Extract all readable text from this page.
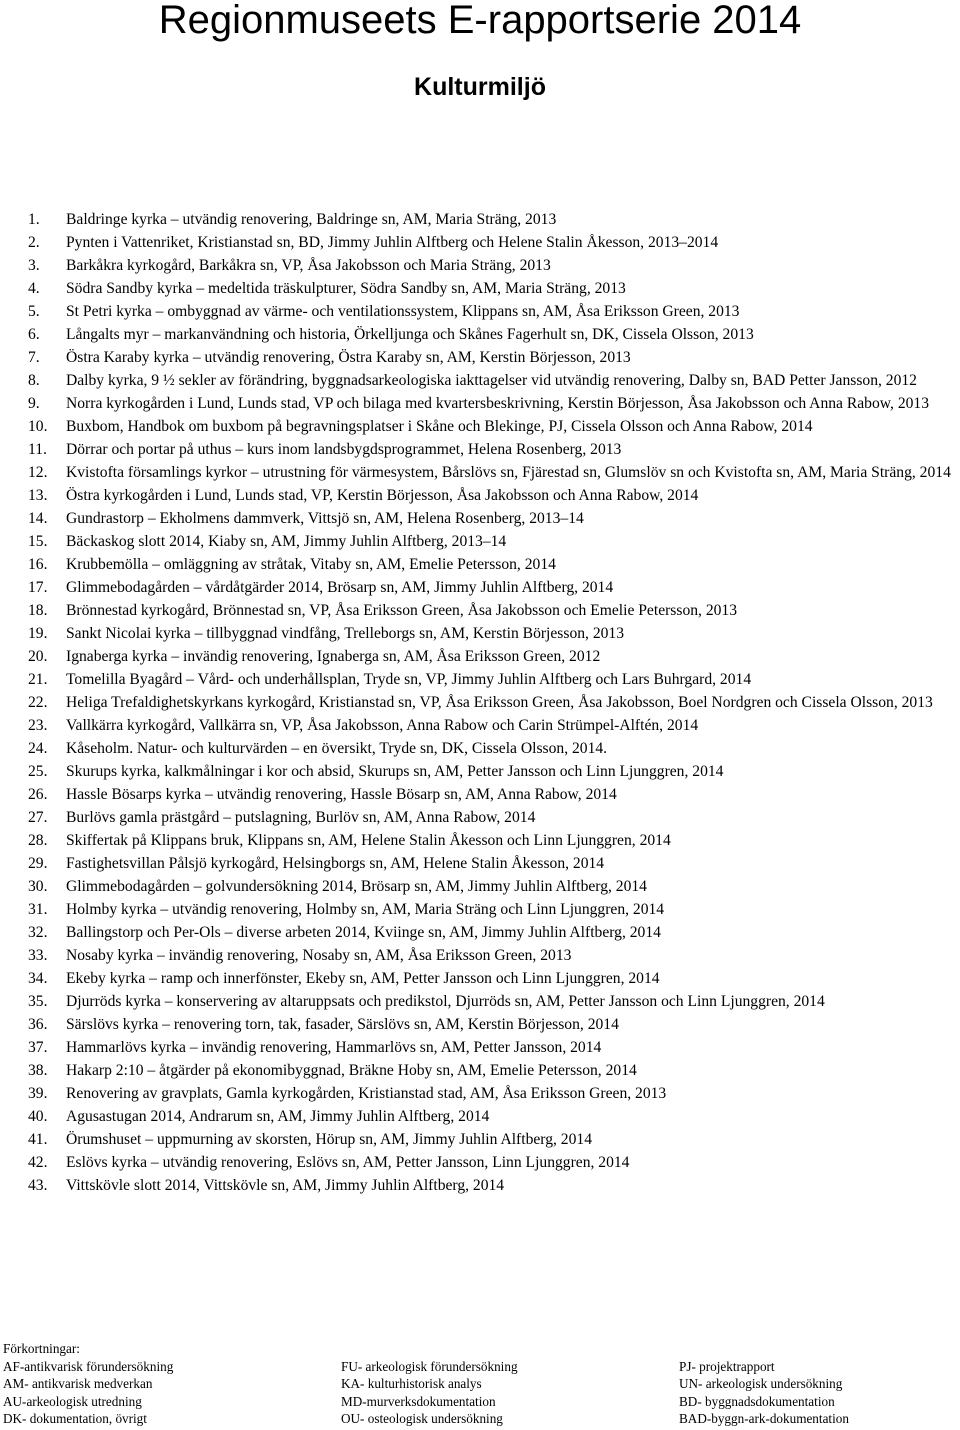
Regionmuseets E-rapportserie 2014
Kulturmiljö
1. Baldringe kyrka – utvändig renovering, Baldringe sn, AM, Maria Sträng, 2013
2. Pynten i Vattenriket, Kristianstad sn, BD, Jimmy Juhlin Alftberg och Helene Stalin Åkesson, 2013–2014
3. Barkåkra kyrkogård, Barkåkra sn, VP, Åsa Jakobsson och Maria Sträng, 2013
4. Södra Sandby kyrka – medeltida träskulpturer, Södra Sandby sn, AM, Maria Sträng, 2013
5. St Petri kyrka – ombyggnad av värme- och ventilationssystem, Klippans sn, AM, Åsa Eriksson Green, 2013
6. Långalts myr – markanvändning och historia, Örkelljunga och Skånes Fagerhult sn, DK, Cissela Olsson, 2013
7. Östra Karaby kyrka – utvändig renovering, Östra Karaby sn, AM, Kerstin Börjesson, 2013
8. Dalby kyrka, 9 ½ sekler av förändring, byggnadsarkeologiska iakttagelser vid utvändig renovering, Dalby sn, BAD Petter Jansson, 2012
9. Norra kyrkogården i Lund, Lunds stad, VP och bilaga med kvartersbeskrivning, Kerstin Börjesson, Åsa Jakobsson och Anna Rabow, 2013
10. Buxbom, Handbok om buxbom på begravningsplatser i Skåne och Blekinge, PJ, Cissela Olsson och Anna Rabow, 2014
11. Dörrar och portar på uthus – kurs inom landsbygdsprogrammet, Helena Rosenberg, 2013
12. Kvistofta församlings kyrkor – utrustning för värmesystem, Bårslövs sn, Fjärestad sn, Glumslöv sn och Kvistofta sn, AM, Maria Sträng, 2014
13. Östra kyrkogården i Lund, Lunds stad, VP, Kerstin Börjesson, Åsa Jakobsson och Anna Rabow, 2014
14. Gundrastorp – Ekholmens dammverk, Vittsjö sn, AM, Helena Rosenberg, 2013–14
15. Bäckaskog slott 2014, Kiaby sn, AM, Jimmy Juhlin Alftberg, 2013–14
16. Krubbemölla – omläggning av stråtak, Vitaby sn, AM, Emelie Petersson, 2014
17. Glimmebodagården – vårdåtgärder 2014, Brösarp sn, AM, Jimmy Juhlin Alftberg, 2014
18. Brönnestad kyrkogård, Brönnestad sn, VP, Åsa Eriksson Green, Åsa Jakobsson och Emelie Petersson, 2013
19. Sankt Nicolai kyrka – tillbyggnad vindfång, Trelleborgs sn, AM, Kerstin Börjesson, 2013
20. Ignaberga kyrka – invändig renovering, Ignaberga sn, AM, Åsa Eriksson Green, 2012
21. Tomelilla Byagård – Vård- och underhållsplan, Tryde sn, VP, Jimmy Juhlin Alftberg och Lars Buhrgard, 2014
22. Heliga Trefaldighetskyrkans kyrkogård, Kristianstad sn, VP, Åsa Eriksson Green, Åsa Jakobsson, Boel Nordgren och Cissela Olsson, 2013
23. Vallkärra kyrkogård, Vallkärra sn, VP, Åsa Jakobsson, Anna Rabow och Carin Strümpel-Alftén, 2014
24. Kåseholm. Natur- och kulturvärden – en översikt, Tryde sn, DK, Cissela Olsson, 2014.
25. Skurups kyrka, kalkmålningar i kor och absid, Skurups sn, AM, Petter Jansson och Linn Ljunggren, 2014
26. Hassle Bösarps kyrka – utvändig renovering, Hassle Bösarp sn, AM, Anna Rabow, 2014
27. Burlövs gamla prästgård – putslagning, Burlöv sn, AM, Anna Rabow, 2014
28. Skiffertak på Klippans bruk, Klippans sn, AM, Helene Stalin Åkesson och Linn Ljunggren, 2014
29. Fastighetsvillan Pålsjö kyrkogård, Helsingborgs sn, AM, Helene Stalin Åkesson, 2014
30. Glimmebodagården – golvundersökning 2014, Brösarp sn, AM, Jimmy Juhlin Alftberg, 2014
31. Holmby kyrka – utvändig renovering, Holmby sn, AM, Maria Sträng och Linn Ljunggren, 2014
32. Ballingstorp och Per-Ols – diverse arbeten 2014, Kviinge sn, AM, Jimmy Juhlin Alftberg, 2014
33. Nosaby kyrka – invändig renovering, Nosaby sn, AM, Åsa Eriksson Green, 2013
34. Ekeby kyrka – ramp och innerfönster, Ekeby sn, AM, Petter Jansson och Linn Ljunggren, 2014
35. Djurröds kyrka – konservering av altaruppsats och predikstol, Djurröds sn, AM, Petter Jansson och Linn Ljunggren, 2014
36. Särslövs kyrka – renovering torn, tak, fasader, Särslövs sn, AM, Kerstin Börjesson, 2014
37. Hammarlövs kyrka – invändig renovering, Hammarlövs sn, AM, Petter Jansson, 2014
38. Hakarp 2:10 – åtgärder på ekonomibyggnad, Bräkne Hoby sn, AM, Emelie Petersson, 2014
39. Renovering av gravplats, Gamla kyrkogården, Kristianstad stad, AM, Åsa Eriksson Green, 2013
40. Agusastugan 2014, Andrarum sn, AM, Jimmy Juhlin Alftberg, 2014
41. Örumshuset – uppmurning av skorsten, Hörup sn, AM, Jimmy Juhlin Alftberg, 2014
42. Eslövs kyrka – utvändig renovering, Eslövs sn, AM, Petter Jansson, Linn Ljunggren, 2014
43. Vittskövle slott 2014, Vittskövle sn, AM, Jimmy Juhlin Alftberg, 2014
Förkortningar:
AF-antikvarisk förundersökning	FU- arkeologisk förundersökning	PJ- projektrapport
AM- antikvarisk medverkan	KA- kulturhistorisk analys	UN- arkeologisk undersökning
AU-arkeologisk utredning	MD-murverksdokumentation	BD- byggnadsdokumentation
DK- dokumentation, övrigt	OU- osteologisk undersökning	BAD-byggn-ark-dokumentation
